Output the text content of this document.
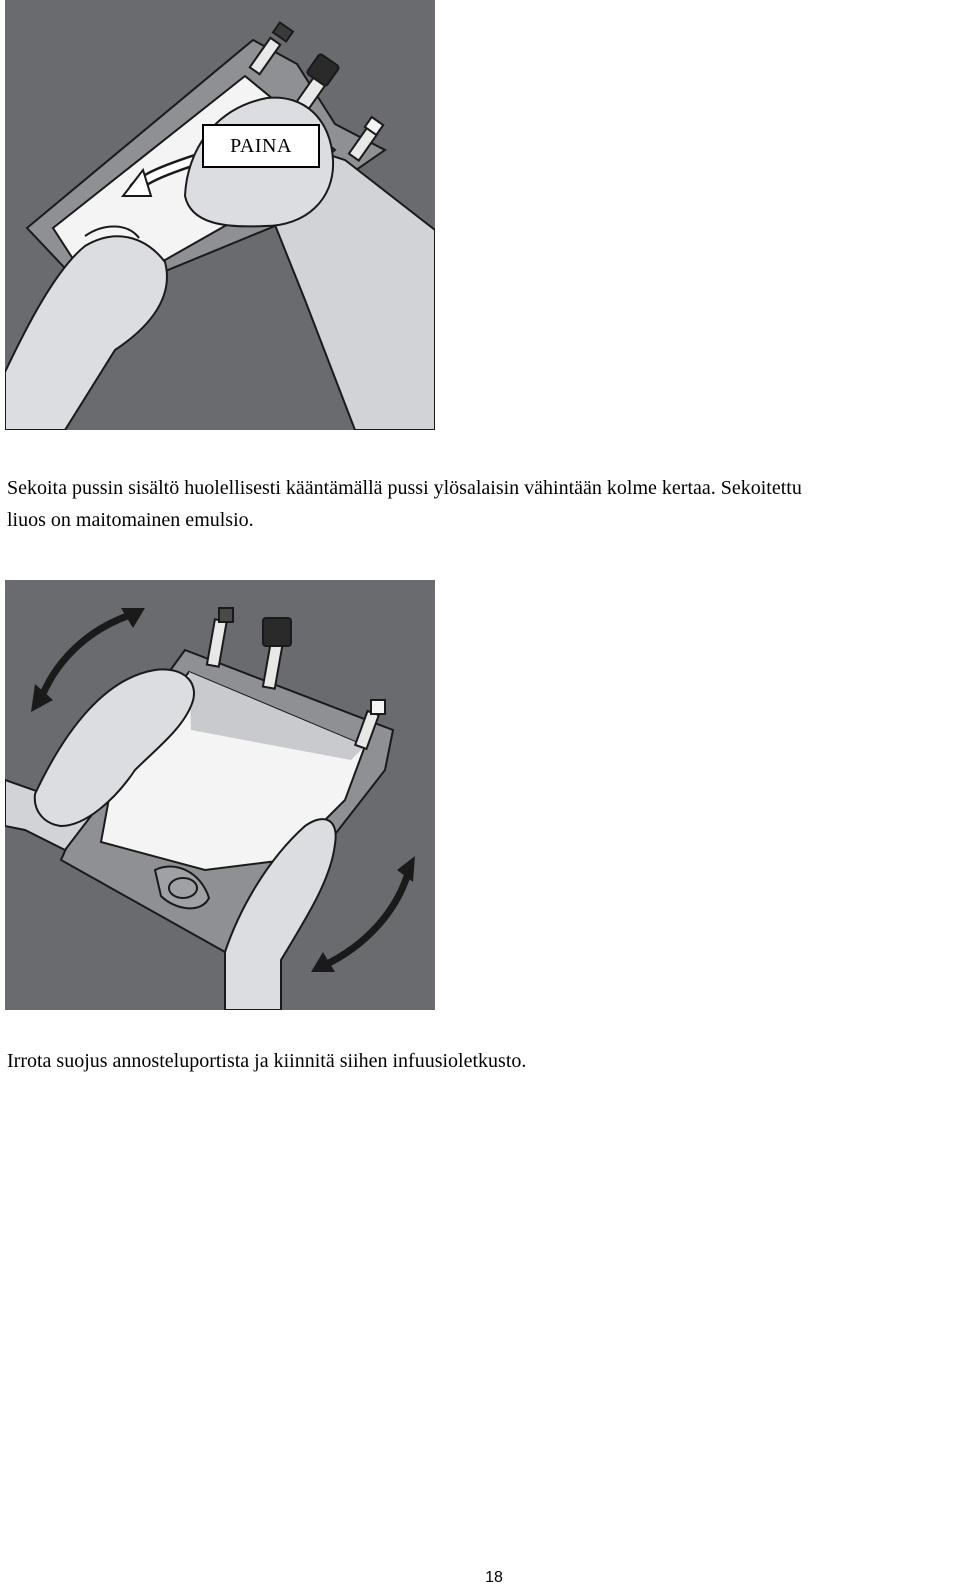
PAINA

Sekoita pussin sisältö huolellisesti kääntämällä pussi ylösalaisin vähintään kolme kertaa. Sekoitettu
liuos on maitomainen emulsio.

Irrota suojus annosteluportista ja kiinnitä siihen infuusioletkusto.

18
